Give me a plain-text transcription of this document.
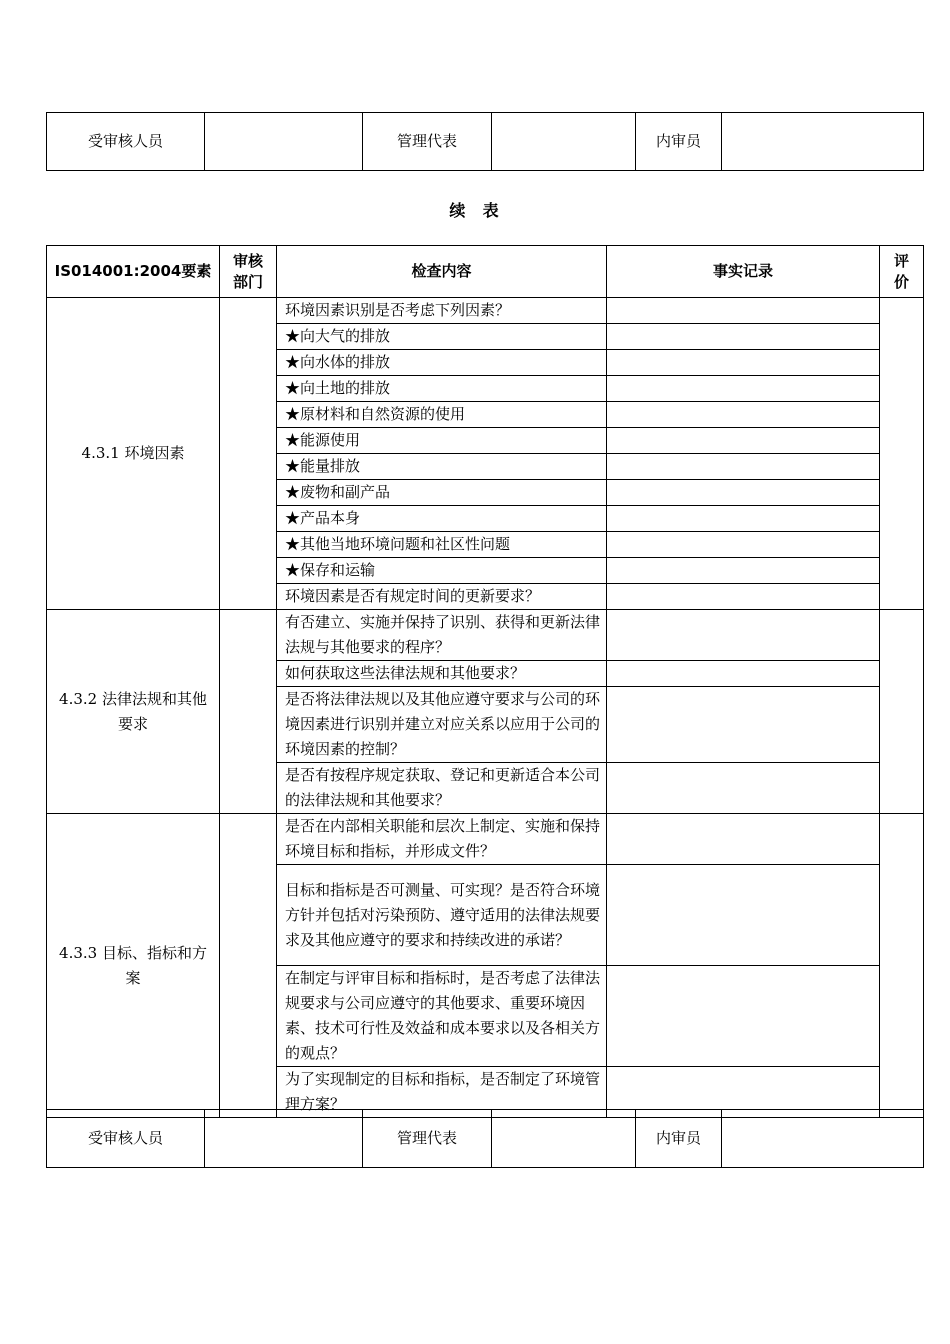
受审核人员		管理代表		内审员	
续  表
IS014001:2004要素	审核部门	检查内容	事实记录	评价
4.3.1 环境因素		环境因素识别是否考虑下列因素？		
		★向大气的排放		
		★向水体的排放		
		★向土地的排放		
		★原材料和自然资源的使用		
		★能源使用		
		★能量排放		
		★废物和副产品		
		★产品本身		
		★其他当地环境问题和社区性问题		
		★保存和运输		
		环境因素是否有规定时间的更新要求？		
4.3.2 法律法规和其他要求		有否建立、实施并保持了识别、获得和更新法律法规与其他要求的程序？		
		如何获取这些法律法规和其他要求？		
		是否将法律法规以及其他应遵守要求与公司的环境因素进行识别并建立对应关系以应用于公司的环境因素的控制？		
		是否有按程序规定获取、登记和更新适合本公司的法律法规和其他要求？		
4.3.3 目标、指标和方案		是否在内部相关职能和层次上制定、实施和保持环境目标和指标，并形成文件？		
		目标和指标是否可测量、可实现？是否符合环境方针并包括对污染预防、遵守适用的法律法规要求及其他应遵守的要求和持续改进的承诺？		
		在制定与评审目标和指标时，是否考虑了法律法规要求与公司应遵守的其他要求、重要环境因素、技术可行性及效益和成本要求以及各相关方的观点？		
		为了实现制定的目标和指标，是否制定了环境管理方案？		
受审核人员		管理代表		内审员	
